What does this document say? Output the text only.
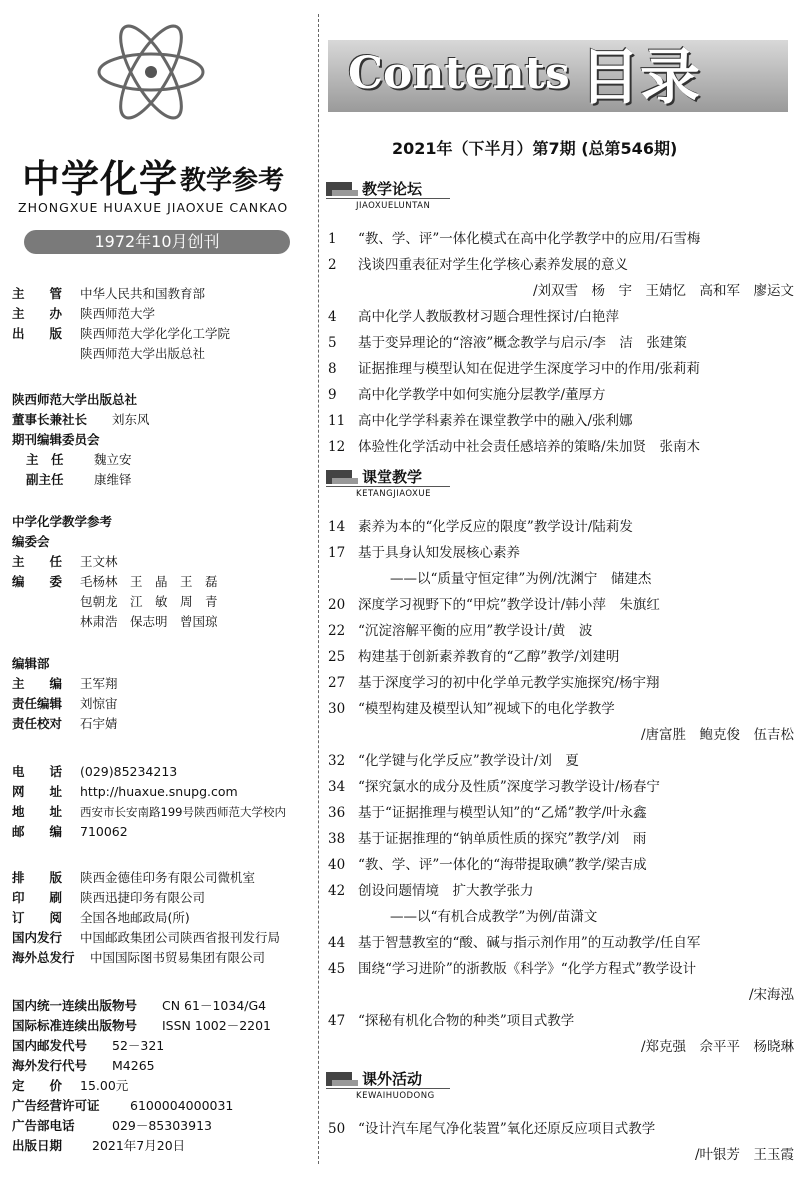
中学化学 教学参考
ZHONGXUE HUAXUE JIAOXUE CANKAO
1972年10月创刊
主　　管	中华人民共和国教育部
主　　办	陕西师范大学
出　　版	陕西师范大学化学化工学院
陕西师范大学出版总社
陕西师范大学出版总社
董事长兼社长	刘东风
期刊编辑委员会
主　任	魏立安
副主任	康维铎
中学化学教学参考
编委会
主　　任	王文林
编　　委	毛杨林　王　晶　王　磊
包朝龙　江　敏　周　青
林肃浩　保志明　曾国琼
编辑部
主　　编	王军翔
责任编辑	刘惊宙
责任校对	石宇婧
电　　话	(029)85234213
网　　址	http://huaxue.snupg.com
地　　址	西安市长安南路199号陕西师范大学校内
邮　　编	710062
排　　版	陕西金德佳印务有限公司微机室
印　　刷	陕西迅捷印务有限公司
订　　阅	全国各地邮政局(所)
国内发行	中国邮政集团公司陕西省报刊发行局
海外总发行	中国国际图书贸易集团有限公司
国内统一连续出版物号	CN 61－1034/G4
国际标准连续出版物号	ISSN 1002－2201
国内邮发代号	52－321
海外发行代号	M4265
定　　价	15.00元
广告经营许可证	6100004000031
广告部电话	029－85303913
出版日期	2021年7月20日
Contents 目录
2021年（下半月）第7期 (总第546期)
教学论坛
JIAOXUELUNTAN
1	“教、学、评”一体化模式在高中化学教学中的应用/石雪梅
2	浅谈四重表征对学生化学核心素养发展的意义
/刘双雪　杨　宇　王婧忆　高和军　廖运文
4	高中化学人教版教材习题合理性探讨/白艳萍
5	基于变异理论的“溶液”概念教学与启示/李　洁　张建策
8	证据推理与模型认知在促进学生深度学习中的作用/张莉莉
9	高中化学教学中如何实施分层教学/董厚方
11 高中化学学科素养在课堂教学中的融入/张利娜
12 体验性化学活动中社会责任感培养的策略/朱加贤　张南木
课堂教学
KETANGJIAOXUE
14 素养为本的“化学反应的限度”教学设计/陆莉发
17 基于具身认知发展核心素养
——以“质量守恒定律”为例/沈渊宁　储建杰
20 深度学习视野下的“甲烷”教学设计/韩小萍　朱旗红
22 “沉淀溶解平衡的应用”教学设计/黄　波
25 构建基于创新素养教育的“乙醇”教学/刘建明
27 基于深度学习的初中化学单元教学实施探究/杨宇翔
30 “模型构建及模型认知”视域下的电化学教学
/唐富胜　鲍克俊　伍吉松
32 “化学键与化学反应”教学设计/刘　夏
34 “探究氯水的成分及性质”深度学习教学设计/杨春宁
36 基于“证据推理与模型认知”的“乙烯”教学/叶永鑫
38 基于证据推理的“钠单质性质的探究”教学/刘　雨
40 “教、学、评”一体化的“海带提取碘”教学/梁吉成
42 创设问题情境　扩大教学张力
——以“有机合成教学”为例/苗潇文
44 基于智慧教室的“酸、碱与指示剂作用”的互动教学/任自军
45 围绕“学习进阶”的浙教版《科学》“化学方程式”教学设计
/宋海泓
47 “探秘有机化合物的种类”项目式教学
/郑克强　佘平平　杨晓琳
课外活动
KEWAIHUODONG
50 “设计汽车尾气净化装置”氧化还原反应项目式教学
/叶银芳　王玉霞
